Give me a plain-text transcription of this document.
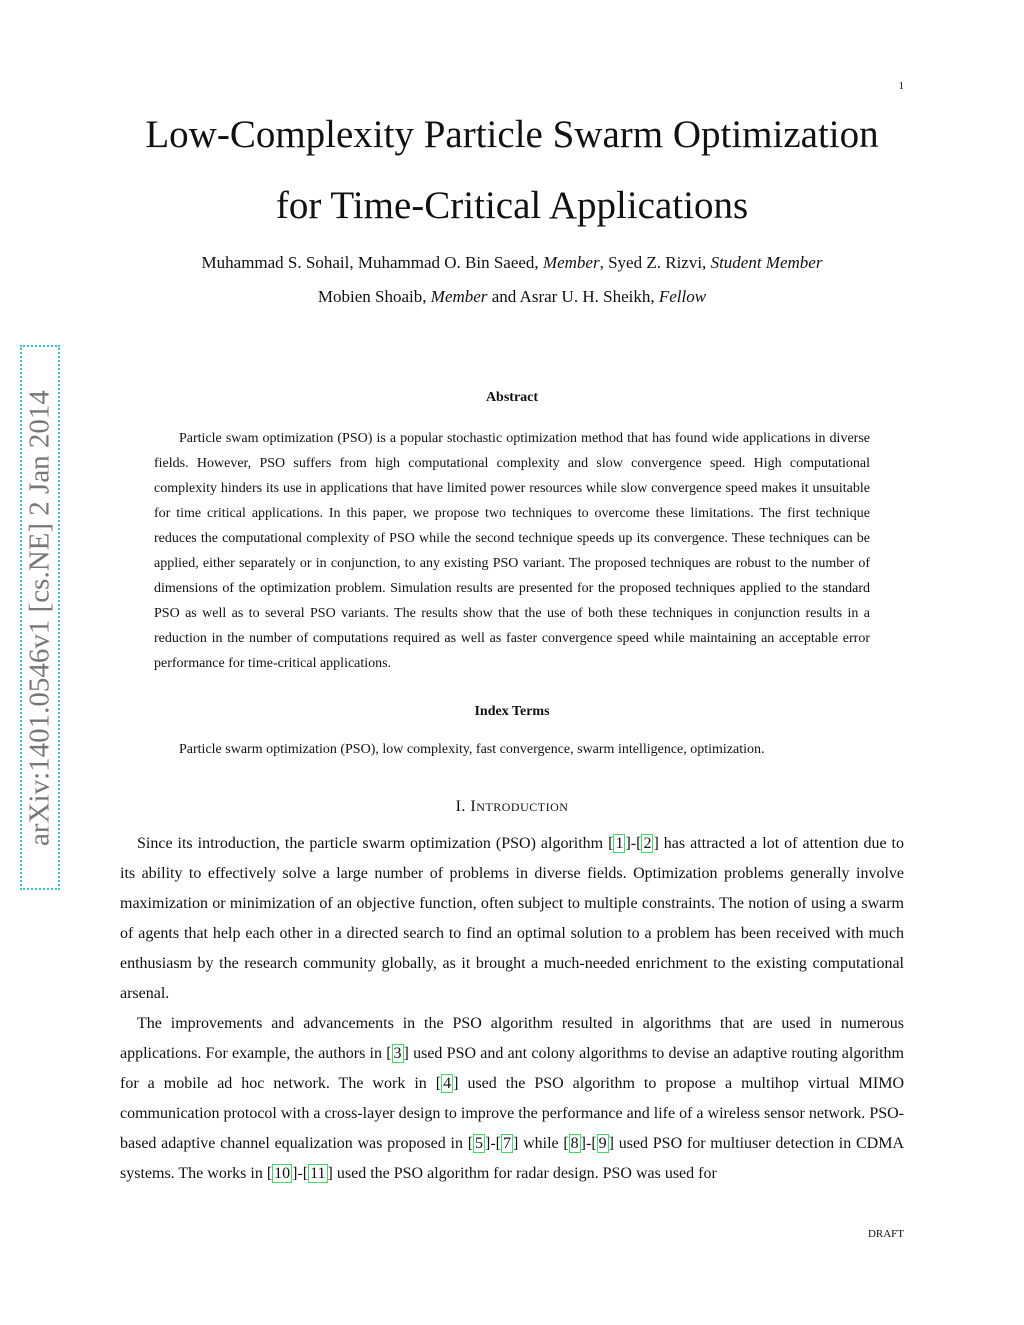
1
Low-Complexity Particle Swarm Optimization
for Time-Critical Applications
Muhammad S. Sohail, Muhammad O. Bin Saeed, Member, Syed Z. Rizvi, Student Member
Mobien Shoaib, Member and Asrar U. H. Sheikh, Fellow
arXiv:1401.0546v1 [cs.NE] 2 Jan 2014	Abstract

Particle swam optimization (PSO) is a popular stochastic optimization method that has found wide applications in diverse fields. However, PSO suffers from high computational complexity and slow convergence speed. High computational complexity hinders its use in applications that have limited power resources while slow convergence speed makes it unsuitable for time critical applications. In this paper, we propose two techniques to overcome these limitations. The first technique reduces the computational complexity of PSO while the second technique speeds up its convergence. These techniques can be applied, either separately or in conjunction, to any existing PSO variant. The proposed techniques are robust to the number of dimensions of the optimization problem. Simulation results are presented for the proposed techniques applied to the standard PSO as well as to several PSO variants. The results show that the use of both these techniques in conjunction results in a reduction in the number of computations required as well as faster convergence speed while maintaining an acceptable error performance for time-critical applications.

Index Terms

Particle swarm optimization (PSO), low complexity, fast convergence, swarm intelligence, optimization.

I. INTRODUCTION

Since its introduction, the particle swarm optimization (PSO) algorithm [ 1 ]-[ 2 ] has attracted a lot of attention due to its ability to effectively solve a large number of problems in diverse fields. Optimization problems generally involve maximization or minimization of an objective function, often subject to multiple constraints. The notion of using a swarm of agents that help each other in a directed search to find an optimal solution to a problem has been received with much enthusiasm by the research community globally, as it brought a much-needed enrichment to the existing computational arsenal.

The improvements and advancements in the PSO algorithm resulted in algorithms that are used in numerous applications. For example, the authors in [ 3 ] used PSO and ant colony algorithms to devise an adaptive routing algorithm for a mobile ad hoc network. The work in [ 4 ] used the PSO algorithm to propose a multihop virtual MIMO communication protocol with a cross-layer design to improve the performance and life of a wireless sensor network. PSO-based adaptive channel equalization was proposed in [ 5 ]-[ 7 ] while [ 8 ]-[ 9 ] used PSO for multiuser detection in CDMA systems. The works in [ 10 ]-[ 11 ] used the PSO algorithm for radar design. PSO was used for

DRAFT
